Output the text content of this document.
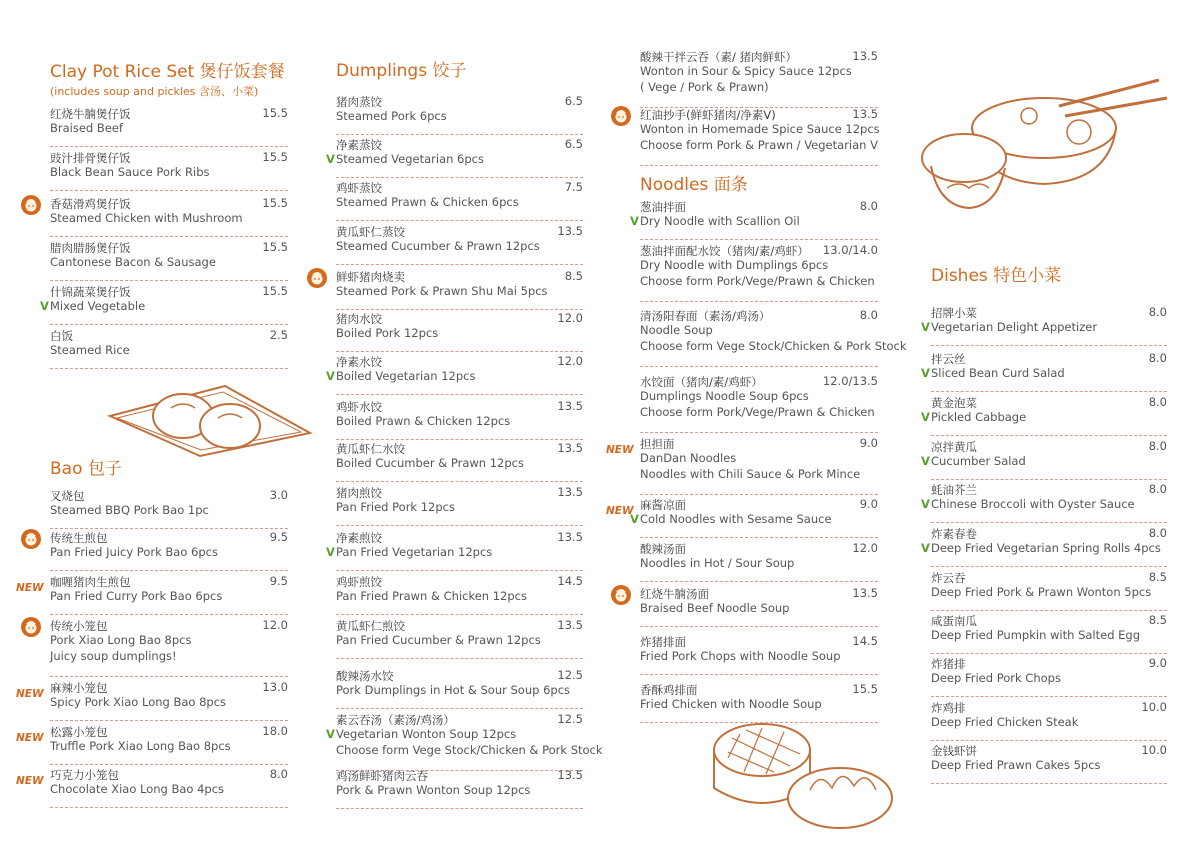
Clay Pot Rice Set 煲仔饭套餐
(includes soup and pickles 含汤、小菜)
红烧牛腩煲仔饭
Braised Beef
15.5
豉汁排骨煲仔饭
Black Bean Sauce Pork Ribs
15.5
香菇滑鸡煲仔饭
Steamed Chicken with Mushroom
15.5
腊肉腊肠煲仔饭
Cantonese Bacon & Sausage
15.5
什锦蔬菜煲仔饭
Mixed Vegetable
15.5
V
白饭
Steamed Rice
2.5
Bao 包子
叉烧包
Steamed BBQ Pork Bao 1pc
3.0
传统生煎包
Pan Fried Juicy Pork Bao 6pcs
9.5
咖喱猪肉生煎包
Pan Fried Curry Pork Bao 6pcs
9.5
NEW
传统小笼包
Pork Xiao Long Bao 8pcs
Juicy soup dumplings!
12.0
麻辣小笼包
Spicy Pork Xiao Long Bao 8pcs
13.0
NEW
松露小笼包
Truffle Pork Xiao Long Bao 8pcs
18.0
NEW
巧克力小笼包
Chocolate Xiao Long Bao 4pcs
8.0
NEW
Dumplings 饺子
猪肉蒸饺
Steamed Pork 6pcs
6.5
净素蒸饺
Steamed Vegetarian 6pcs
6.5
V
鸡虾蒸饺
Steamed Prawn & Chicken 6pcs
7.5
黄瓜虾仁蒸饺
Steamed Cucumber & Prawn 12pcs
13.5
鲜虾猪肉烧卖
Steamed Pork & Prawn Shu Mai 5pcs
8.5
猪肉水饺
Boiled Pork 12pcs
12.0
净素水饺
Boiled Vegetarian 12pcs
12.0
V
鸡虾水饺
Boiled Prawn & Chicken 12pcs
13.5
黄瓜虾仁水饺
Boiled Cucumber & Prawn 12pcs
13.5
猪肉煎饺
Pan Fried Pork 12pcs
13.5
净素煎饺
Pan Fried Vegetarian 12pcs
13.5
V
鸡虾煎饺
Pan Fried Prawn & Chicken 12pcs
14.5
黄瓜虾仁煎饺
Pan Fried Cucumber & Prawn 12pcs
13.5
酸辣汤水饺
Pork Dumplings in Hot & Sour Soup 6pcs
12.5
素云吞汤（素汤/鸡汤）
Vegetarian Wonton Soup 12pcs
Choose form Vege Stock/Chicken & Pork Stock
12.5
V
鸡汤鲜虾猪肉云吞
Pork & Prawn Wonton Soup 12pcs
13.5
酸辣干拌云吞（素/ 猪肉鲜虾）
Wonton in Sour & Spicy Sauce 12pcs
( Vege / Pork & Prawn)
13.5
红油抄手(鲜虾猪肉/净素V)
Wonton in Homemade Spice Sauce 12pcs
Choose form Pork & Prawn / Vegetarian V
13.5
Noodles 面条
葱油拌面
Dry Noodle with Scallion Oil
8.0
V
葱油拌面配水饺（猪肉/素/鸡虾）
Dry Noodle with Dumplings 6pcs
Choose form Pork/Vege/Prawn & Chicken
13.0/14.0
清汤阳春面（素汤/鸡汤）
Noodle Soup
Choose form Vege Stock/Chicken & Pork Stock
8.0
水饺面（猪肉/素/鸡虾）
Dumplings Noodle Soup 6pcs
Choose form Pork/Vege/Prawn & Chicken
12.0/13.5
担担面
DanDan Noodles
Noodles with Chili Sauce & Pork Mince
9.0
NEW
麻酱凉面
Cold Noodles with Sesame Sauce
9.0
NEW
V
酸辣汤面
Noodles in Hot / Sour Soup
12.0
红烧牛腩汤面
Braised Beef Noodle Soup
13.5
炸猪排面
Fried Pork Chops with Noodle Soup
14.5
香酥鸡排面
Fried Chicken with Noodle Soup
15.5
Dishes 特色小菜
招牌小菜
Vegetarian Delight Appetizer
8.0
V
拌云丝
Sliced Bean Curd Salad
8.0
V
黄金泡菜
Pickled Cabbage
8.0
V
凉拌黄瓜
Cucumber Salad
8.0
V
蚝油芥兰
Chinese Broccoli with Oyster Sauce
8.0
V
炸素春卷
Deep Fried Vegetarian Spring Rolls 4pcs
8.0
V
炸云吞
Deep Fried Pork & Prawn Wonton 5pcs
8.5
咸蛋南瓜
Deep Fried Pumpkin with Salted Egg
8.5
炸猪排
Deep Fried Pork Chops
9.0
炸鸡排
Deep Fried Chicken Steak
10.0
金钱虾饼
Deep Fried Prawn Cakes 5pcs
10.0
